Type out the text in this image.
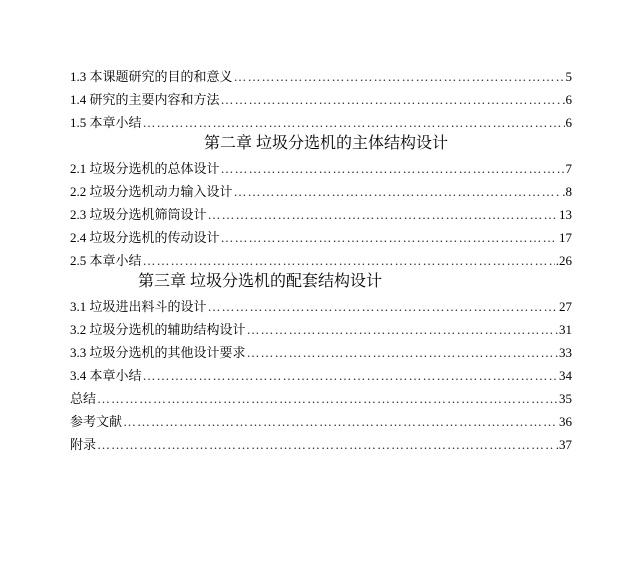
1.3 本课题研究的目的和意义 ………………………………………………………………………………………………………………………………………………	5
1.4 研究的主要内容和方法 ………………………………………………………………………………………………………………………………………………	.6
1.5 本章小结 ………………………………………………………………………………………………………………………………………………	6
第二章 垃圾分选机的主体结构设计
2.1 垃圾分选机的总体设计 ………………………………………………………………………………………………………………………………………………	7
2.2 垃圾分选机动力输入设计 ………………………………………………………………………………………………………………………………………………	.8
2.3 垃圾分选机筛筒设计 ………………………………………………………………………………………………………………………………………………	13
2.4 垃圾分选机的传动设计 ………………………………………………………………………………………………………………………………………………	17
2.5 本章小结 ………………………………………………………………………………………………………………………………………………	.26
第三章 垃圾分选机的配套结构设计
3.1 垃圾进出料斗的设计 ………………………………………………………………………………………………………………………………………………	27
3.2 垃圾分选机的辅助结构设计 ………………………………………………………………………………………………………………………………………………	31
3.3 垃圾分选机的其他设计要求 ………………………………………………………………………………………………………………………………………………	33
3.4 本章小结 ………………………………………………………………………………………………………………………………………………	34
总结 ………………………………………………………………………………………………………………………………………………	35
参考文献 ………………………………………………………………………………………………………………………………………………	36
附录 ………………………………………………………………………………………………………………………………………………	.37
